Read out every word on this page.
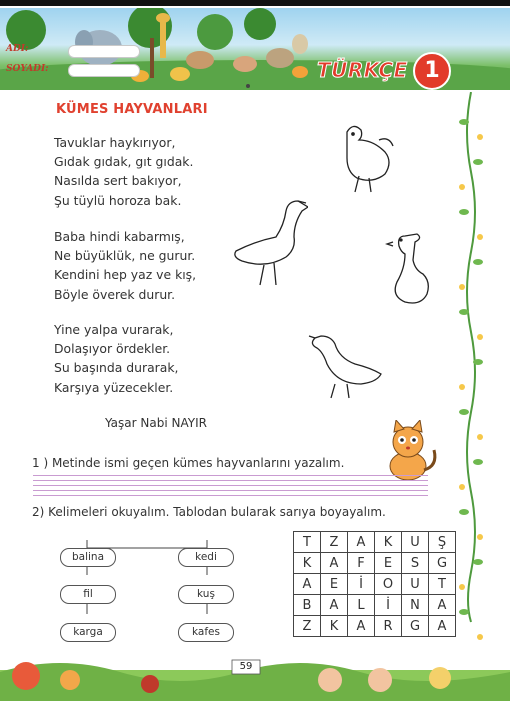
ADI:
SOYADI:	TÜRKÇE 1
KÜMES HAYVANLARI
Tavuklar haykırıyor,
Gıdak gıdak, gıt gıdak.
Nasılda sert bakıyor,
Şu tüylü horoza bak.
Baba hindi kabarmış,
Ne büyüklük, ne gurur.
Kendini hep yaz ve kış,
Böyle överek durur.
Yine yalpa vurarak,
Dolaşıyor ördekler.
Su başında durarak,
Karşıya yüzecekler.
Yaşar Nabi NAYIR
1 ) Metinde ismi geçen kümes hayvanlarını yazalım.
2) Kelimeleri okuyalım. Tablodan bularak sarıya boyayalım.
balina
fil
karga
kedi
kuş
kafes
T	Z	A	K	U	Ş
K	A	F	E	S	G
A	E	İ	O	U	T
B	A	L	İ	N	A
Z	K	A	R	G	A
59
